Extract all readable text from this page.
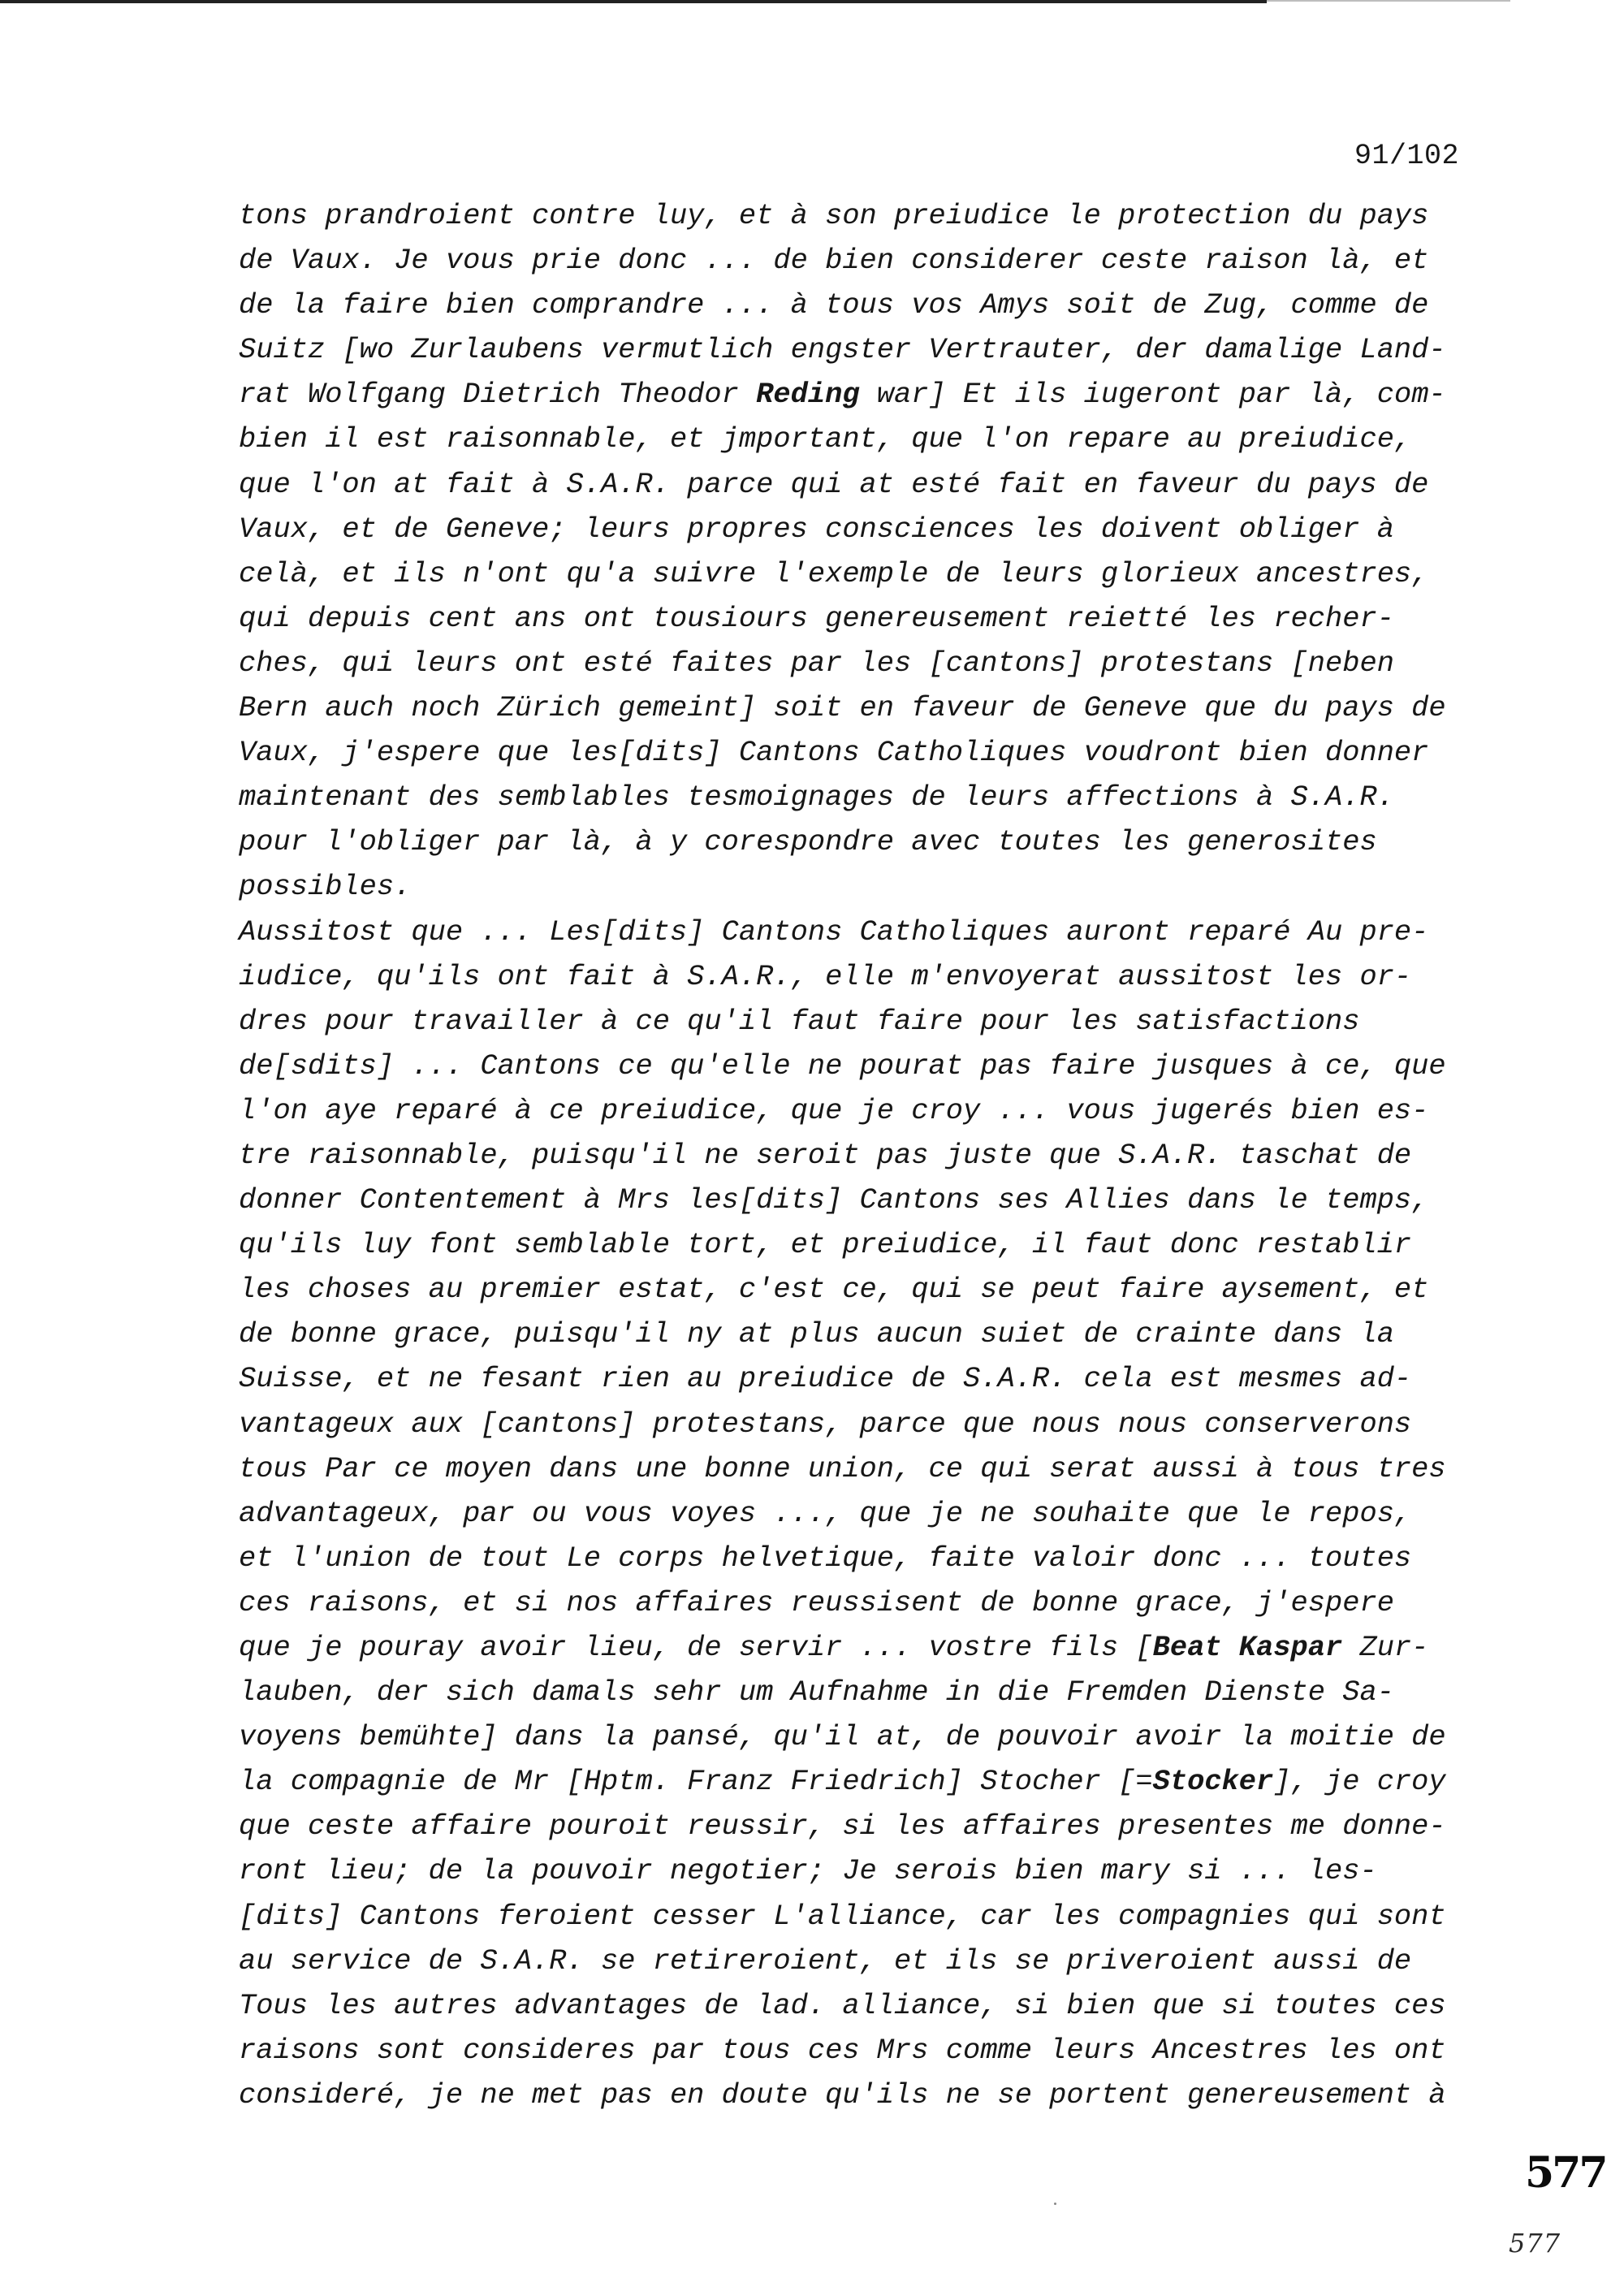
91/102
tons prandroient contre luy, et à son preiudice le protection du pays
de Vaux. Je vous prie donc ... de bien considerer ceste raison là, et
de la faire bien comprandre ... à tous vos Amys soit de Zug, comme de
Suitz [wo Zurlaubens vermutlich engster Vertrauter, der damalige Land-
rat Wolfgang Dietrich Theodor Reding war] Et ils iugeront par là, com-
bien il est raisonnable, et jmportant, que l'on repare au preiudice,
que l'on at fait à S.A.R. parce qui at esté fait en faveur du pays de
Vaux, et de Geneve; leurs propres consciences les doivent obliger à
celà, et ils n'ont qu'a suivre l'exemple de leurs glorieux ancestres,
qui depuis cent ans ont tousiours genereusement reietté les recher-
ches, qui leurs ont esté faites par les [cantons] protestans [neben
Bern auch noch Zürich gemeint] soit en faveur de Geneve que du pays de
Vaux, j'espere que les[dits] Cantons Catholiques voudront bien donner
maintenant des semblables tesmoignages de leurs affections à S.A.R.
pour l'obliger par là, à y corespondre avec toutes les generosites
possibles.
Aussitost que ... Les[dits] Cantons Catholiques auront reparé Au pre-
iudice, qu'ils ont fait à S.A.R., elle m'envoyerat aussitost les or-
dres pour travailler à ce qu'il faut faire pour les satisfactions
de[sdits] ... Cantons ce qu'elle ne pourat pas faire jusques à ce, que
l'on aye reparé à ce preiudice, que je croy ... vous jugerés bien es-
tre raisonnable, puisqu'il ne seroit pas juste que S.A.R. taschat de
donner Contentement à Mrs les[dits] Cantons ses Allies dans le temps,
qu'ils luy font semblable tort, et preiudice, il faut donc restablir
les choses au premier estat, c'est ce, qui se peut faire aysement, et
de bonne grace, puisqu'il ny at plus aucun suiet de crainte dans la
Suisse, et ne fesant rien au preiudice de S.A.R. cela est mesmes ad-
vantageux aux [cantons] protestans, parce que nous nous conserverons
tous Par ce moyen dans une bonne union, ce qui serat aussi à tous tres
advantageux, par ou vous voyes ..., que je ne souhaite que le repos,
et l'union de tout Le corps helvetique, faite valoir donc ... toutes
ces raisons, et si nos affaires reussisent de bonne grace, j'espere
que je pouray avoir lieu, de servir ... vostre fils [Beat Kaspar Zur-
lauben, der sich damals sehr um Aufnahme in die Fremden Dienste Sa-
voyens bemühte] dans la pansé, qu'il at, de pouvoir avoir la moitie de
la compagnie de Mr [Hptm. Franz Friedrich] Stocher [=Stocker], je croy
que ceste affaire pouroit reussir, si les affaires presentes me donne-
ront lieu; de la pouvoir negotier; Je serois bien mary si ... les-
[dits] Cantons feroient cesser L'alliance, car les compagnies qui sont
au service de S.A.R. se retireroient, et ils se priveroient aussi de
Tous les autres advantages de lad. alliance, si bien que si toutes ces
raisons sont consideres par tous ces Mrs comme leurs Ancestres les ont
consideré, je ne met pas en doute qu'ils ne se portent genereusement à
577
577
